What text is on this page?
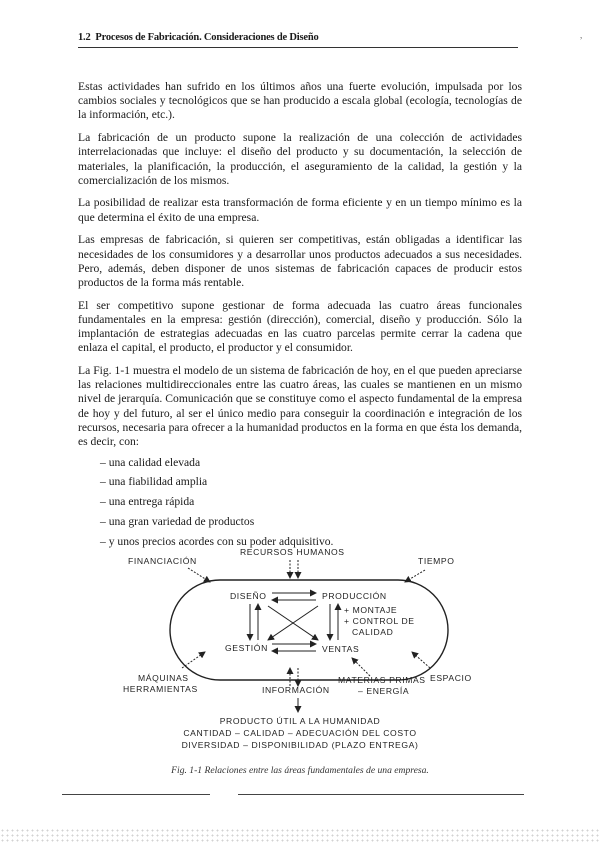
1.2 Procesos de Fabricación. Consideraciones de Diseño	,

Estas actividades han sufrido en los últimos años una fuerte evolución, impulsada por los cambios sociales y tecnológicos que se han producido a escala global (ecología, tecnologías de la información, etc.).

La fabricación de un producto supone la realización de una colección de actividades interrelacionadas que incluye: el diseño del producto y su documentación, la selección de materiales, la planificación, la producción, el aseguramiento de la calidad, la gestión y la comercialización de los mismos.

La posibilidad de realizar esta transformación de forma eficiente y en un tiempo mínimo es la que determina el éxito de una empresa.

Las empresas de fabricación, si quieren ser competitivas, están obligadas a identificar las necesidades de los consumidores y a desarrollar unos productos adecuados a sus necesidades. Pero, además, deben disponer de unos sistemas de fabricación capaces de producir estos productos de la forma más rentable.

El ser competitivo supone gestionar de forma adecuada las cuatro áreas funcionales fundamentales en la empresa: gestión (dirección), comercial, diseño y producción. Sólo la implantación de estrategias adecuadas en las cuatro parcelas permite cerrar la cadena que enlaza el capital, el producto, el productor y el consumidor.

La Fig. 1-1 muestra el modelo de un sistema de fabricación de hoy, en el que pueden apreciarse las relaciones multidireccionales entre las cuatro áreas, las cuales se mantienen en un mismo nivel de jerarquía. Comunicación que se constituye como el aspecto fundamental de la empresa de hoy y del futuro, al ser el único medio para conseguir la coordinación e integración de los recursos, necesaria para ofrecer a la humanidad productos en la forma en que ésta los demanda, es decir, con:

– una calidad elevada
– una fiabilidad amplia
– una entrega rápida
– una gran variedad de productos
– y unos precios acordes con su poder adquisitivo.
DISEÑO	PRODUCCIÓN
+ MONTAJE
+ CONTROL DE
CALIDAD
GESTIÓN	VENTAS
FINANCIACIÓN
RECURSOS HUMANOS
TIEMPO
MÁQUINAS
HERRAMIENTAS	INFORMACIÓN
MATERIAS PRIMAS
– ENERGÍA
ESPACIO
PRODUCTO ÚTIL A LA HUMANIDAD
CANTIDAD – CALIDAD – ADECUACIÓN DEL COSTO
DIVERSIDAD – DISPONIBILIDAD (PLAZO ENTREGA)
Fig. 1-1 Relaciones entre las áreas fundamentales de una empresa.
